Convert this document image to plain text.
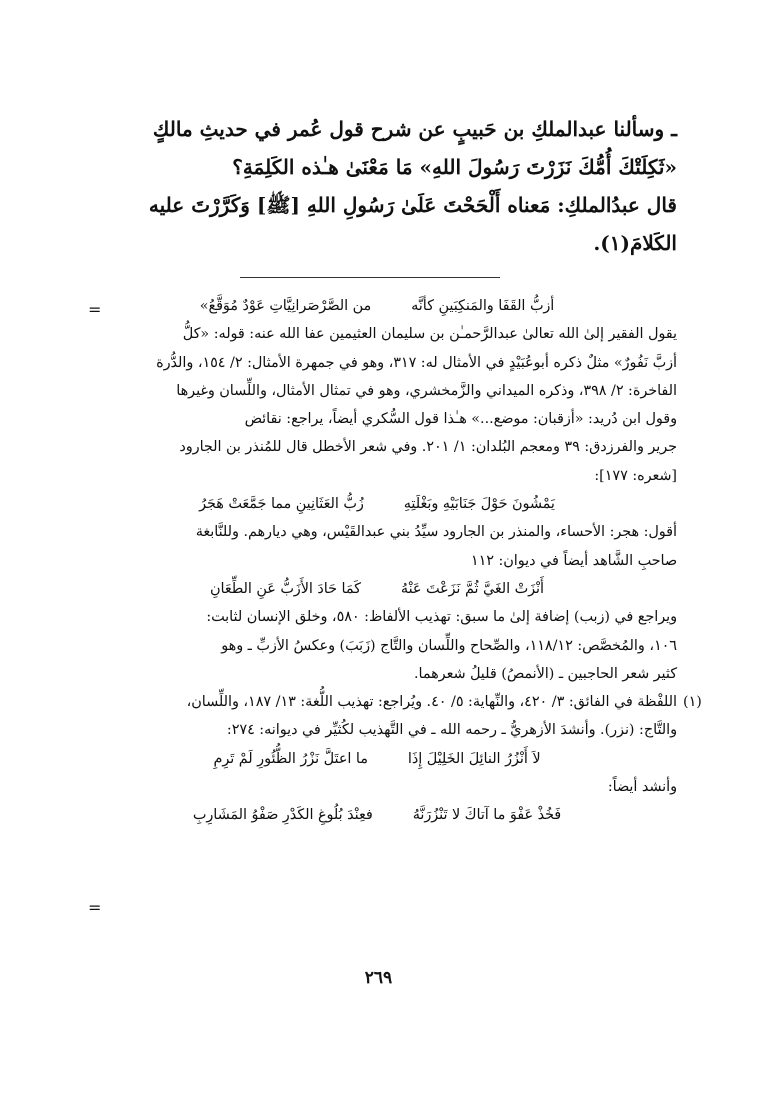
ـ وسألنا عبدالملكِ بن حَبيبٍ عن شرح قول عُمر في حديثِ مالكٍ
«ثَكِلَتْكَ أُمُّكَ نَزَرْتَ رَسُولَ اللهِ» مَا مَعْنَىٰ هـٰذه الكَلِمَةِ؟
قال عبدُالملكِ: مَعناه أَلْحَحْتَ عَلَىٰ رَسُولِ اللهِ [ﷺ] وَكَرَّرْتَ عليه
الكَلامَ(١).
=	أزبُّ القَفَا والمَنكِبَينِ كأنَّه
من الصَّرْصَرانِيَّاتِ عَوْدٌ مُوَقَّعُ»
يقول الفقير إلىٰ الله تعالىٰ عبدالرَّحمـٰن بن سليمان العثيمين عفا الله عنه: قوله: «كلُّ
أزبَّ نَفُورٌ» مثلٌ ذكره أبوعُبَيْدٍ في الأمثال له: ٣١٧، وهو في جمهرة الأمثال: ٢/ ١٥٤، والدُّرة
الفاخرة: ٢/ ٣٩٨، وذكره الميداني والزَّمخشري، وهو في تمثال الأمثال، واللِّسان وغيرها
وقول ابن دُريد: «أزقبان: موضع...» هـٰذا قول السُّكري أيضاً، يراجع: نقائض
جرير والفرزدق: ٣٩ ومعجم البُلدان: ١/ ٢٠١. وفي شعر الأخطل قال للمُنذر بن الجارود
[شعره: ١٧٧]:
يَمْشُونَ حَوْلَ جَنَابَيْهِ وبَغْلَتِهِ
زُبُّ العَثَانِينِ مما جَمَّعَتْ هَجَرُ
أقول: هجر: الأحساء، والمنذر بن الجارود سيِّدُ بني عبدالقَيْس، وهي ديارهم. وللنَّابغة
صاحبِ الشَّاهد أيضاً في ديوان: ١١٢
أَنْزَتْ الغَيَّ ثُمَّ نَزَعْتَ عَنْهُ
كَمَا حَادَ الأَزَبُّ عَنِ الطِّعَانِ
ويراجع في (زبب) إضافة إلىٰ ما سبق: تهذيب الألفاظ: ٥٨٠، وخلق الإنسان لثابت:
١٠٦، والمُخصَّص: ١١٨/١٢، والصِّحاح واللِّسان والتَّاج (زَبَبَ) وعكسُ الأزبِّ ـ وهو
كثير شعر الحاجبين ـ (الأنمصُ) قليلُ شعرهما.
(١)
اللفْظة في الفائق: ٣/ ٤٢٠، والنِّهاية: ٥/ ٤٠. ويُراجع: تهذيب اللُّغة: ١٣/ ١٨٧، واللِّسان،
والتَّاج: (نزر). وأنشدَ الأزهريُّ ـ رحمه الله ـ في التَّهذيب لكُثيِّر في ديوانه: ٢٧٤:
لاَ أَنْزُرُ النائِلَ الخَلِيْلَ إِذَا
ما اعتَلَّ نَزْرُ الظُّئُورِ لَمْ تَرِمِ
وأنشد أيضاً:
فَخُذْ عَفْوَ ما آتاكَ لا تَنْزُرَنَّهُ
فعِنْدَ بُلُوغِ الكَدْرِ صَفْوُ المَشَارِبِ
=
٢٦٩
